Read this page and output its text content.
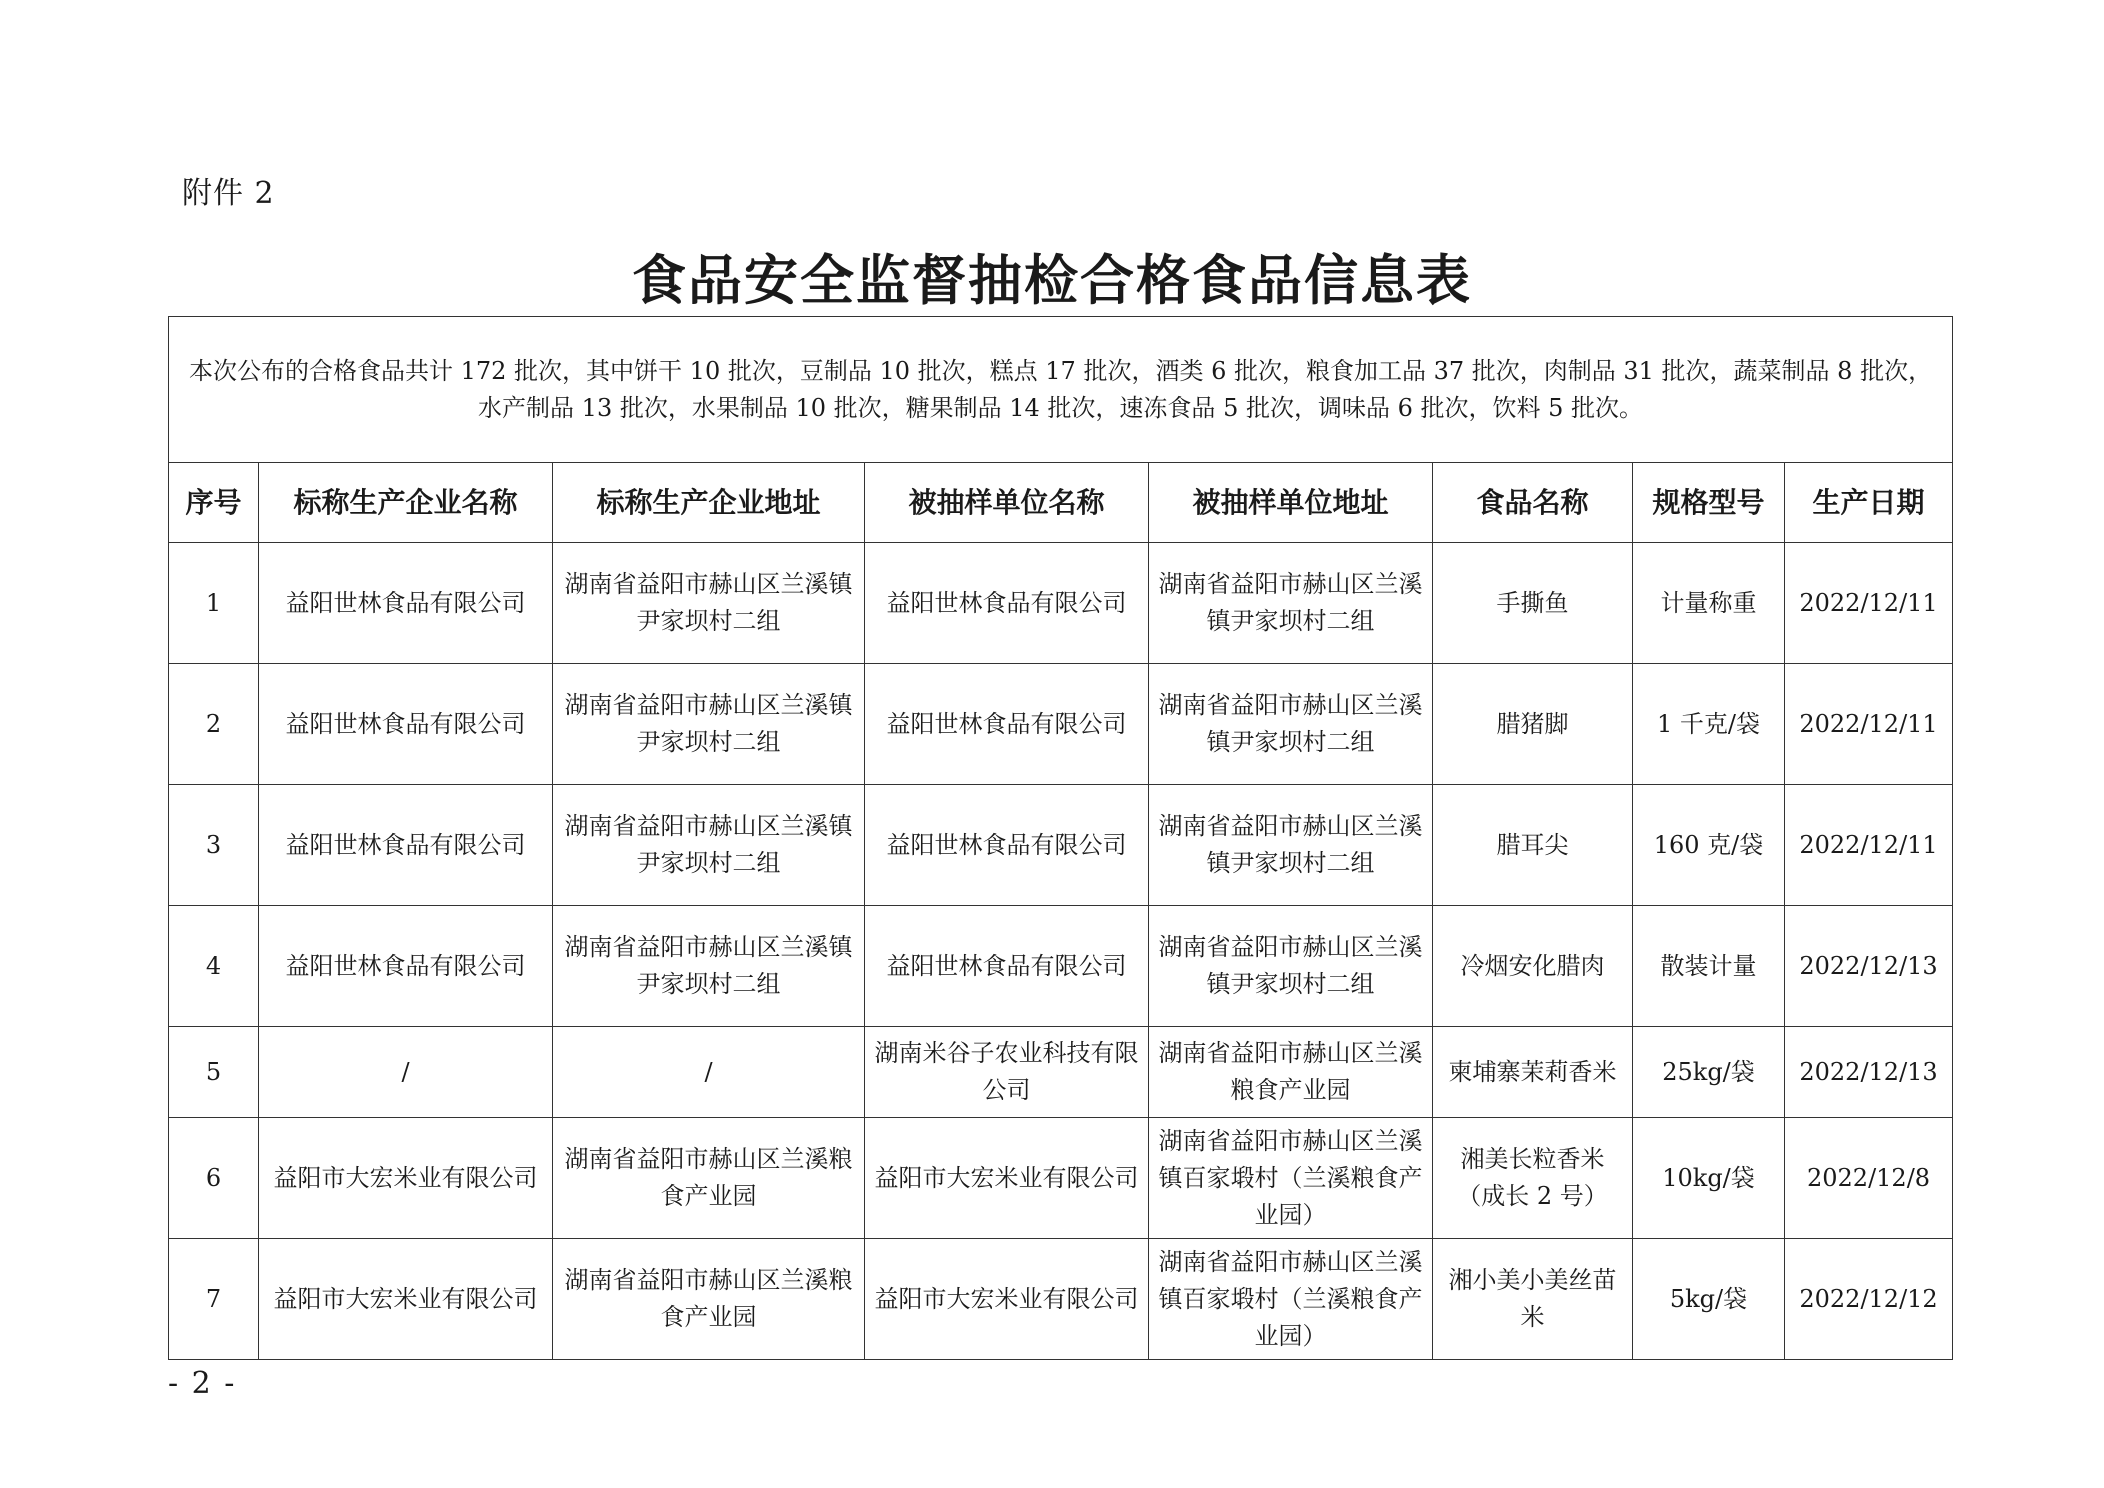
附件 2
食品安全监督抽检合格食品信息表
本次公布的合格食品共计 172 批次，其中饼干 10 批次，豆制品 10 批次，糕点 17 批次，酒类 6 批次，粮食加工品 37 批次，肉制品 31 批次，蔬菜制品 8 批次，水产制品 13 批次，水果制品 10 批次，糖果制品 14 批次，速冻食品 5 批次，调味品 6 批次，饮料 5 批次。							
序号	标称生产企业名称	标称生产企业地址	被抽样单位名称	被抽样单位地址	食品名称	规格型号	生产日期
1	益阳世林食品有限公司	湖南省益阳市赫山区兰溪镇尹家坝村二组	益阳世林食品有限公司	湖南省益阳市赫山区兰溪镇尹家坝村二组	手撕鱼	计量称重	2022/12/11
2	益阳世林食品有限公司	湖南省益阳市赫山区兰溪镇尹家坝村二组	益阳世林食品有限公司	湖南省益阳市赫山区兰溪镇尹家坝村二组	腊猪脚	1 千克/袋	2022/12/11
3	益阳世林食品有限公司	湖南省益阳市赫山区兰溪镇尹家坝村二组	益阳世林食品有限公司	湖南省益阳市赫山区兰溪镇尹家坝村二组	腊耳尖	160 克/袋	2022/12/11
4	益阳世林食品有限公司	湖南省益阳市赫山区兰溪镇尹家坝村二组	益阳世林食品有限公司	湖南省益阳市赫山区兰溪镇尹家坝村二组	冷烟安化腊肉	散装计量	2022/12/13
5	/	/	湖南米谷子农业科技有限公司	湖南省益阳市赫山区兰溪粮食产业园	柬埔寨茉莉香米	25kg/袋	2022/12/13
6	益阳市大宏米业有限公司	湖南省益阳市赫山区兰溪粮食产业园	益阳市大宏米业有限公司	湖南省益阳市赫山区兰溪镇百家塅村（兰溪粮食产业园）	湘美长粒香米（成长 2 号）	10kg/袋	2022/12/8
7	益阳市大宏米业有限公司	湖南省益阳市赫山区兰溪粮食产业园	益阳市大宏米业有限公司	湖南省益阳市赫山区兰溪镇百家塅村（兰溪粮食产业园）	湘小美小美丝苗米	5kg/袋	2022/12/12
- 2 -
